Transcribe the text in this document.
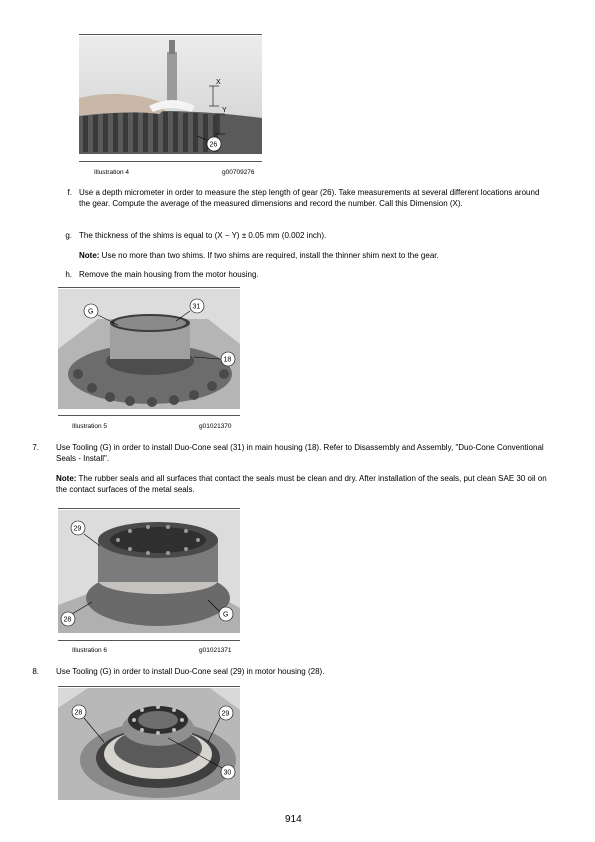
X
Y
26
Illustration 4	g00709276
f. Use a depth micrometer in order to measure the step length of gear (26). Take measurements at several different locations around the gear. Compute the average of the measured dimensions and record the number. Call this Dimension (X).
g. The thickness of the shims is equal to (X − Y) ± 0.05 mm (0.002 inch).
Note: Use no more than two shims. If two shims are required, install the thinner shim next to the gear.
h. Remove the main housing from the motor housing.
G
31
18
Illustration 5	g01021370
7. Use Tooling (G) in order to install Duo-Cone seal (31) in main housing (18). Refer to Disassembly and Assembly, "Duo-Cone Conventional Seals - Install".
Note: The rubber seals and all surfaces that contact the seals must be clean and dry. After installation of the seals, put clean SAE 30 oil on the contact surfaces of the metal seals.
29
28
G
Illustration 6	g01021371
8. Use Tooling (G) in order to install Duo-Cone seal (29) in motor housing (28).
28	29
30
914
